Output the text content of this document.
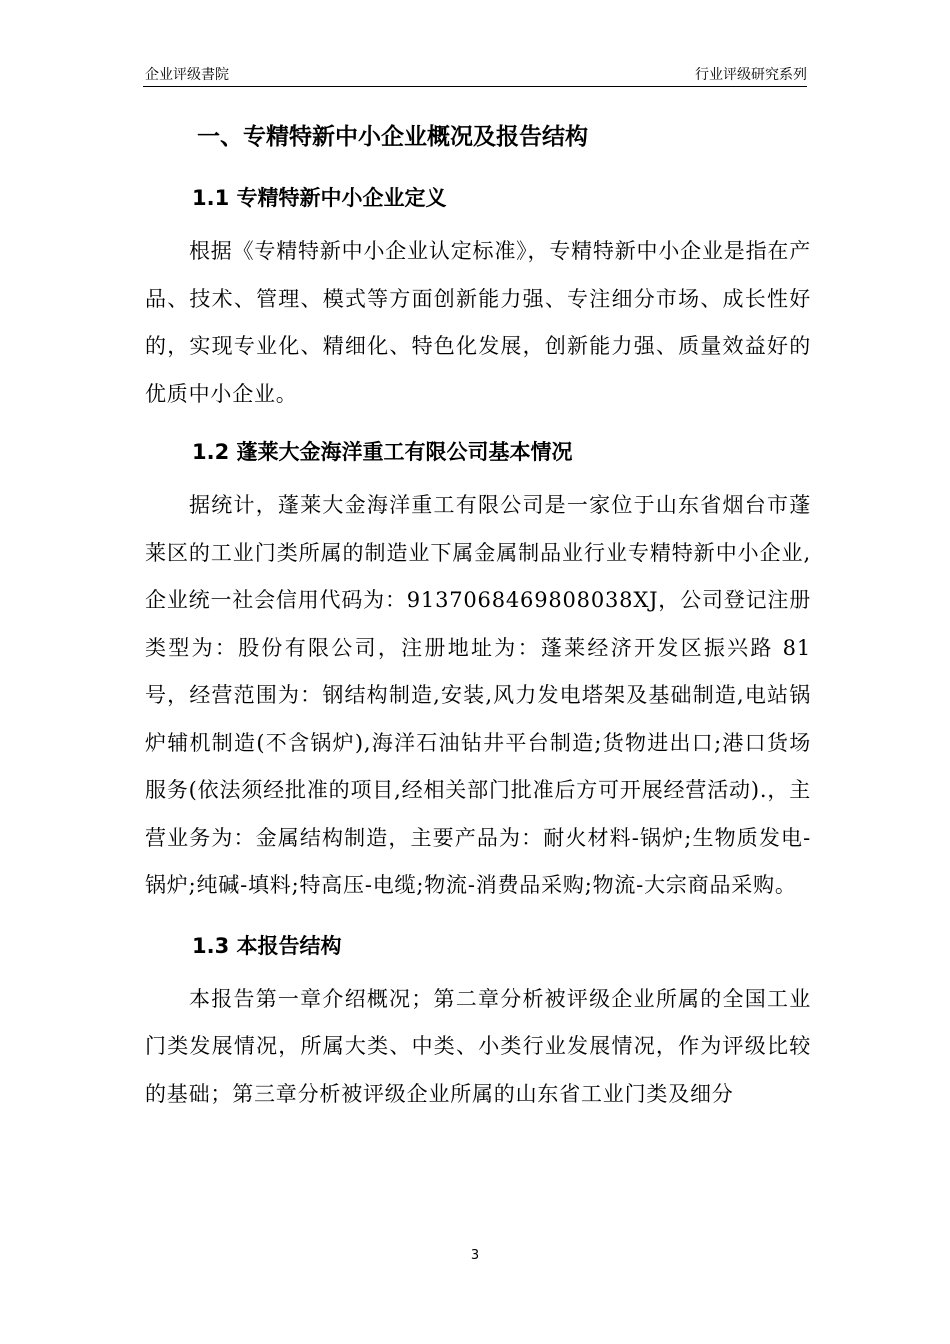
企业评级書院	行业评级研究系列
一、专精特新中小企业概况及报告结构
1.1 专精特新中小企业定义

根据《专精特新中小企业认定标准》，专精特新中小企业是指在产品、技术、管理、模式等方面创新能力强、专注细分市场、成长性好的，实现专业化、精细化、特色化发展，创新能力强、质量效益好的优质中小企业。

1.2 蓬莱大金海洋重工有限公司基本情况

据统计，蓬莱大金海洋重工有限公司是一家位于山东省烟台市蓬莱区的工业门类所属的制造业下属金属制品业行业专精特新中小企业,企业统一社会信用代码为：913706846980803​8XJ，公司登记注册类型为：股份有限公司，注册地址为：蓬莱经济开发区振兴路 81 号，经营范围为：钢结构制造,安装,风力发电塔架及基础制造,电站锅炉辅机制造(不含锅炉),海洋石油钻井平台制造;货物进出口;港口货场服务(依法须经批准的项目,经相关部门批准后方可开展经营活动).，主营业务为：金属结构制造，主要产品为：耐火材料-锅炉;生物质发电-锅炉;纯碱-填料;特高压-电缆;物流-消费品采购;物流-大宗商品采购。

1.3 本报告结构

本报告第一章介绍概况；第二章分析被评级企业所属的全国工业门类发展情况，所属大类、中类、小类行业发展情况，作为评级比较的基础；第三章分析被评级企业所属的山东省工业门类及细分

3
